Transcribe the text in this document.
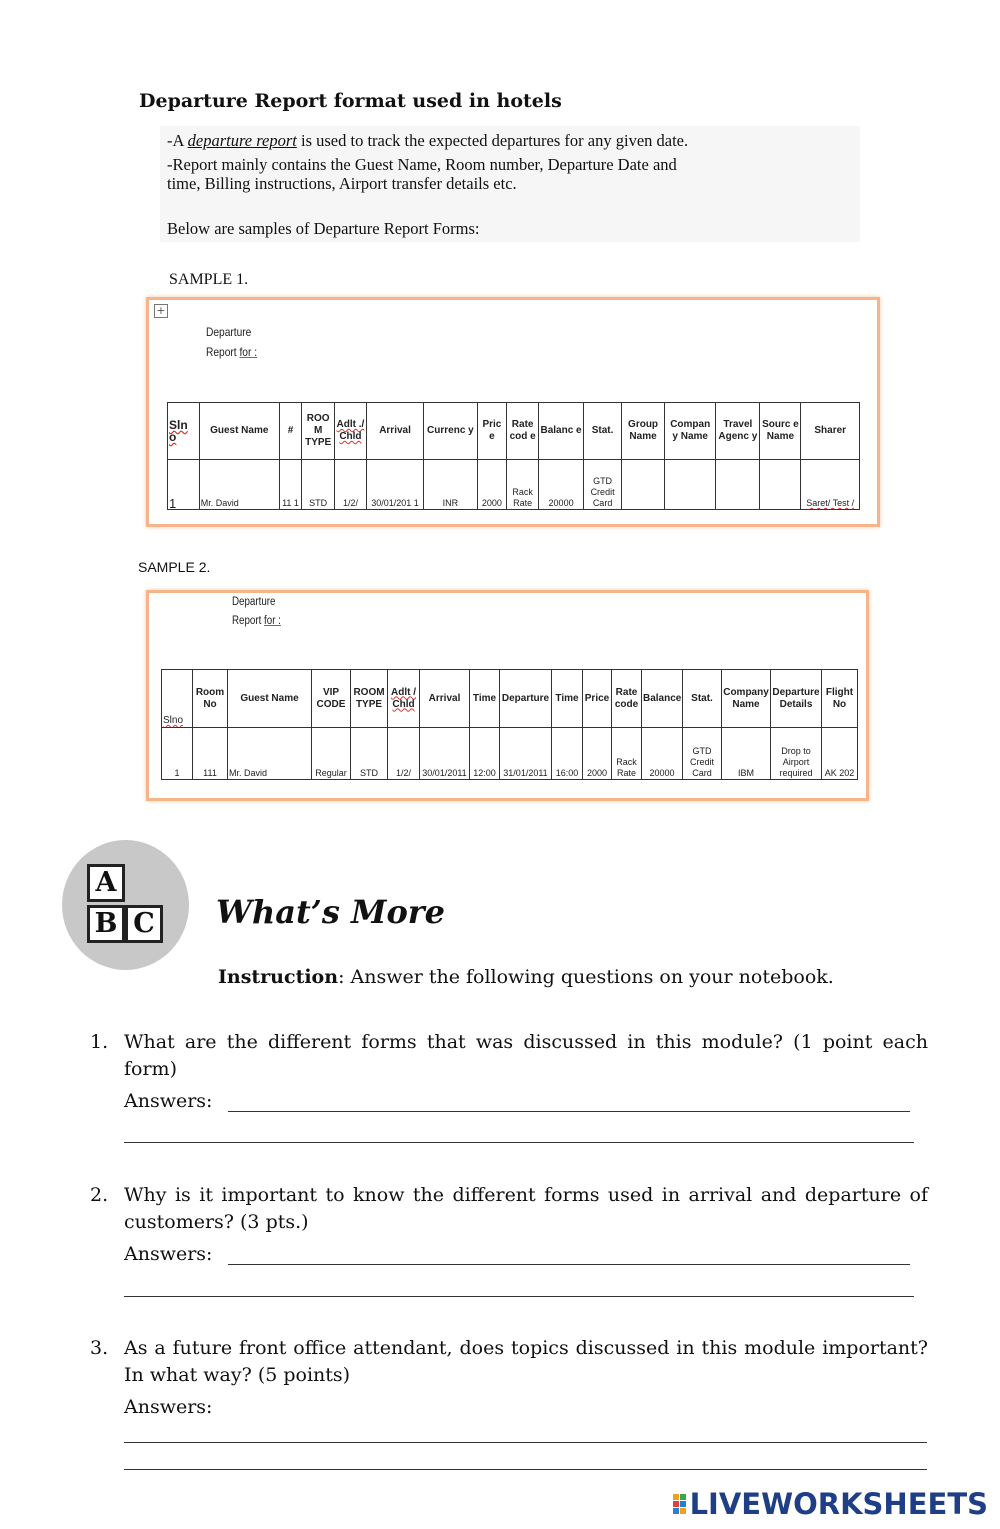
Departure Report format used in hotels

-A departure report is used to track the expected departures for any given date.

-Report mainly contains the Guest Name, Room number, Departure Date and

time, Billing instructions, Airport transfer details etc.

Below are samples of Departure Report Forms:

SAMPLE 1.
+
Departure
Report for :
Sln o	Guest Name	#	ROO M TYPE	Adlt ./ Chld	Arrival	Currenc y	Pric e	Rate cod e	Balanc e	Stat.	Group Name	Compan y Name	Travel Agenc y	Sourc e Name	Sharer
1	Mr. David	11 1	STD	1/2/	30/01/201 1	INR	2000	Rack Rate	20000	GTD Credit Card					Saret/ Test /
SAMPLE 2.
Departure
Report for :
Slno	Room No	Guest Name	VIP CODE	ROOM TYPE	Adlt / Chld	Arrival	Time	Departure	Time	Price	Rate code	Balance	Stat.	Company Name	Departure Details	Flight No
1	111	Mr. David	Regular	STD	1/2/	30/01/2011	12:00	31/01/2011	16:00	2000	Rack Rate	20000	GTD Credit Card	IBM	Drop to Airport required	AK 202
A
B C What’s More
Instruction: Answer the following questions on your notebook.
1. What are the different forms that was discussed in this module? (1 point each form)
Answers:
2. Why is it important to know the different forms used in arrival and departure of customers? (3 pts.)
Answers:
3. As a future front office attendant, does topics discussed in this module important? In what way? (5 points)
Answers:
LIVEWORKSHEETS
